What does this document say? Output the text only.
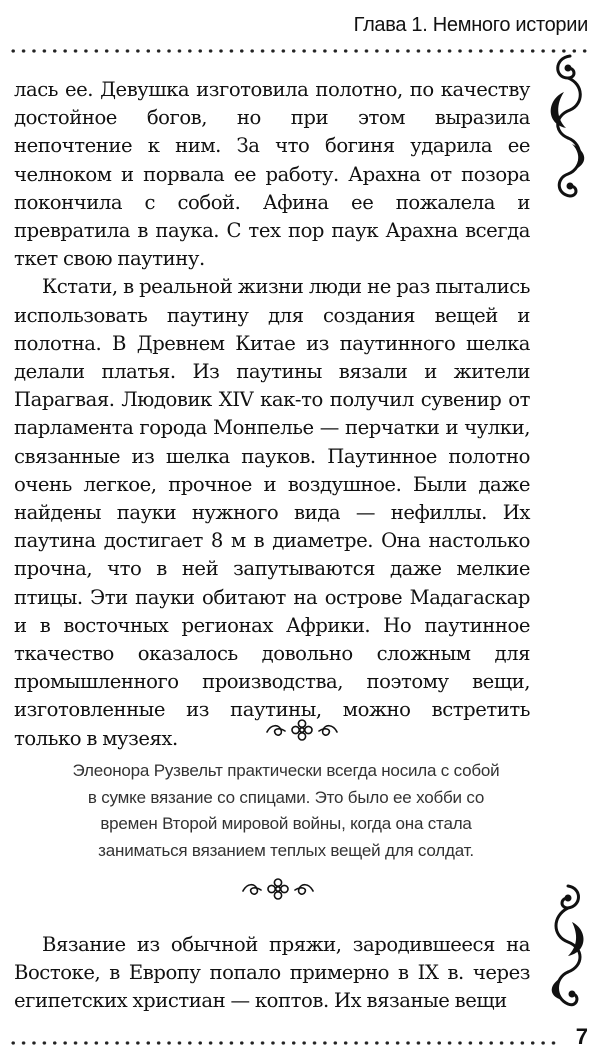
Глава 1. Немного истории

лась ее. Девушка изготовила полотно, по качеству достойное богов, но при этом выразила непочтение к ним. За что богиня ударила ее челноком и порвала ее работу. Арахна от позора покончила с собой. Афина ее пожалела и превратила в паука. С тех пор паук Арахна всегда ткет свою паутину.

Кстати, в реальной жизни люди не раз пытались использовать паутину для создания вещей и полотна. В Древнем Китае из паутинного шелка делали платья. Из паутины вязали и жители Парагвая. Людовик XIV как-то получил сувенир от парламента города Монпелье — перчатки и чулки, связанные из шелка пауков. Паутинное полотно очень легкое, прочное и воздушное. Были даже найдены пауки нужного вида — нефиллы. Их паутина достигает 8 м в диаметре. Она настолько прочна, что в ней запутываются даже мелкие птицы. Эти пауки обитают на острове Мадагаскар и в восточных регионах Африки. Но паутинное ткачество оказалось довольно сложным для промышленного производства, поэтому вещи, изготовленные из паутины, можно встретить только в музеях.

Элеонора Рузвельт практически всегда носила с собой

в сумке вязание со спицами. Это было ее хобби со

времен Второй мировой войны, когда она стала

заниматься вязанием теплых вещей для солдат.

Вязание из обычной пряжи, зародившееся на Востоке, в Европу попало примерно в IX в. через египетских христиан — коптов. Их вязаные вещи

7
